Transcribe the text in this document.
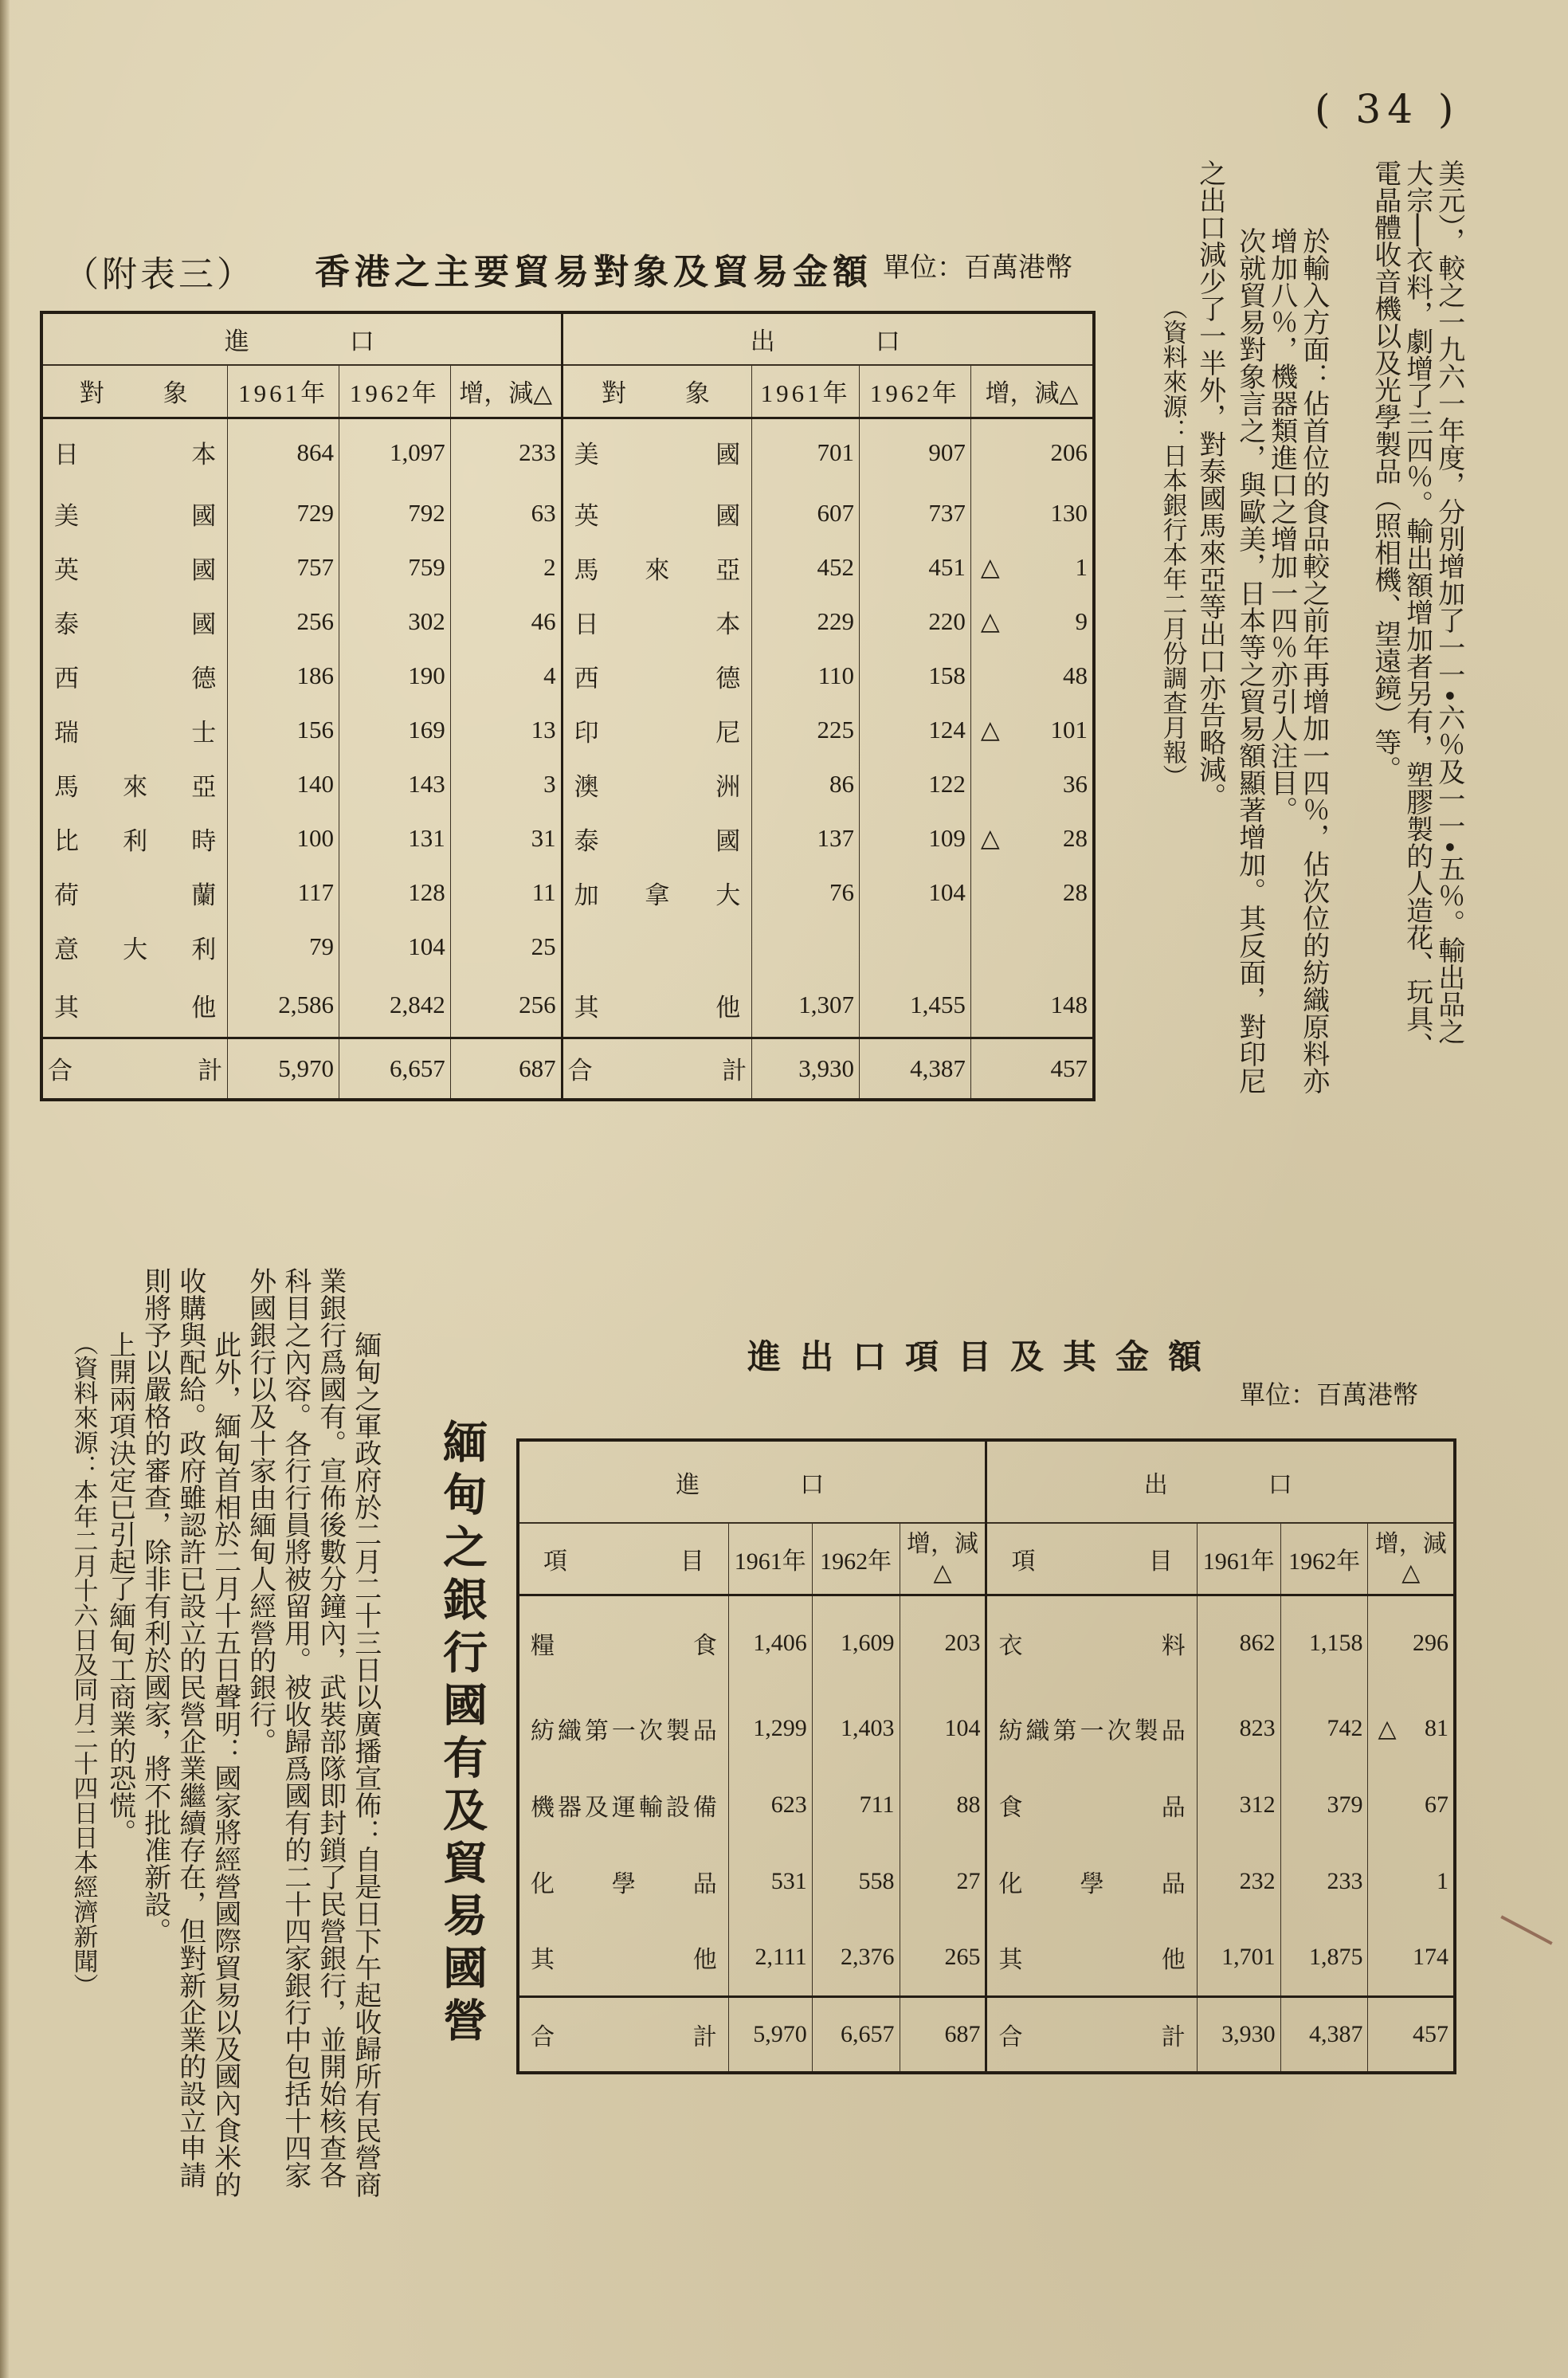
( 34 )
美元），較之一九六一年度，分別增加了一一•六％及一一•五％。輸出品之
大宗──衣料，劇增了三四％。輸出額增加者另有，塑膠製的人造花、玩具、
電晶體收音機以及光學製品（照相機、望遠鏡）等。
於輸入方面：佔首位的食品較之前年再增加一四％，佔次位的紡織原料亦
增加八％，機器類進口之增加一四％亦引人注目。
次就貿易對象言之，與歐美，日本等之貿易額顯著增加。其反面，對印尼
之出口減少了一半外，對泰國馬來亞等出口亦告略減。
（資料來源：日本銀行本年二月份調查月報）
（附表三） 香港之主要貿易對象及貿易金額 單位：百萬港幣
進 口				出 口			
對　　象	1961年	1962年	增，減△	對　　象	1961年	1962年	增，減△
日本	864	1,097	233	美國	701	907	206
美國	729	792	63	英國	607	737	130
英國	757	759	2	馬來亞	452	451	△ 1
泰國	256	302	46	日本	229	220	△ 9
西德	186	190	4	西德	110	158	48
瑞士	156	169	13	印尼	225	124	△ 101
馬來亞	140	143	3	澳洲	86	122	36
比利時	100	131	31	泰國	137	109	△ 28
荷蘭	117	128	11	加拿大	76	104	28
意大利	79	104	25				
其他	2,586	2,842	256	其他	1,307	1,455	148
合計	5,970	6,657	687	合計	3,930	4,387	457
緬甸之銀行國有及貿易國營
緬甸之軍政府於二月二十三日以廣播宣佈：自是日下午起收歸所有民營商
業銀行爲國有。宣佈後數分鐘內，武裝部隊即封鎖了民營銀行，並開始核查各
科目之內容。各行行員將被留用。被收歸爲國有的二十四家銀行中包括十四家
外國銀行以及十家由緬甸人經營的銀行。
此外，緬甸首相於二月十五日聲明：國家將經營國際貿易以及國內食米的
收購與配給。政府雖認許已設立的民營企業繼續存在，但對新企業的設立申請
則將予以嚴格的審查，除非有利於國家，將不批准新設。
上開兩項決定已引起了緬甸工商業的恐慌。
（資料來源：本年二月十六日及同月二十四日日本經濟新聞）	進出口項目及其金額
單位：百萬港幣
進 口				出 口			
項目	1961年	1962年	增，減△	項目	1961年	1962年	增，減△
糧食	1,406	1,609	203	衣料	862	1,158	296
紡織第一次製品	1,299	1,403	104	紡織第一次製品	823	742	△ 81
機器及運輸設備	623	711	88	食品	312	379	67
化學品	531	558	27	化學品	232	233	1
其他	2,111	2,376	265	其他	1,701	1,875	174
合計	5,970	6,657	687	合計	3,930	4,387	457
